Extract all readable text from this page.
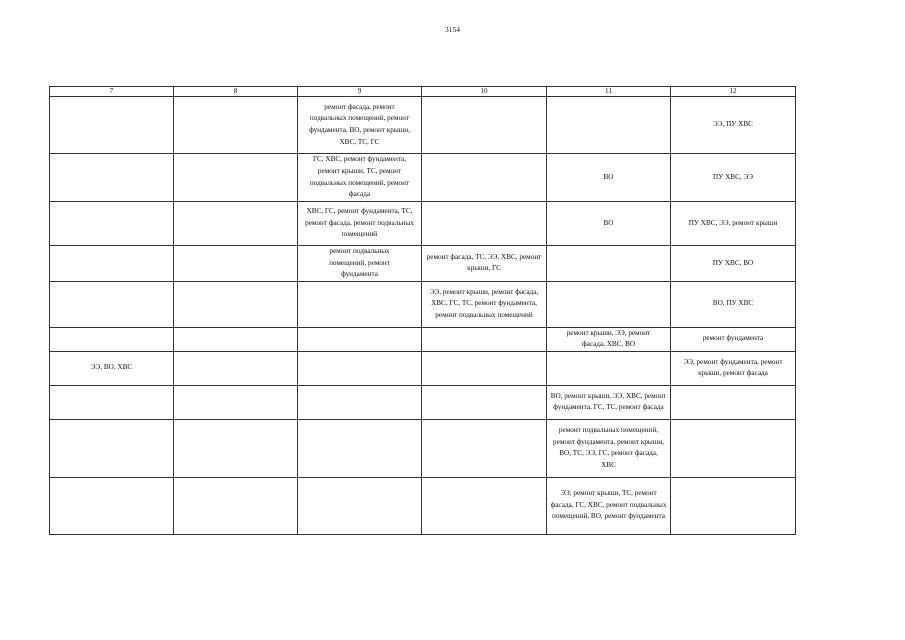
3154
7	8	9	10	11	12
		ремонт фасада, ремонт подвальных помещений, ремонт фундамента, ВО, ремонт крыши, ХВС, ТС, ГС			ЭЭ, ПУ ХВС
		ГС, ХВС, ремонт фундамента, ремонт крыши, ТС, ремонт подвальных помещений, ремонт фасада		ВО	ПУ ХВС, ЭЭ
		ХВС, ГС, ремонт фундамента, ТС, ремонт фасада, ремонт подвальных помещений		ВО	ПУ ХВС, ЭЭ, ремонт крыши
		ремонт подвальных помещений, ремонт фундамента	ремонт фасада, ТС, ЭЭ, ХВС, ремонт крыши, ГС		ПУ ХВС, ВО
			ЭЭ, ремонт крыши, ремонт фасада, ХВС, ГС, ТС, ремонт фундамента, ремонт подвальных помещений		ВО, ПУ ХВС
				ремонт крыши, ЭЭ, ремонт фасада, ХВС, ВО	ремонт фундамента
ЭЭ, ВО, ХВС					ЭЭ, ремонт фундамента, ремонт крыши, ремонт фасада
				ВО, ремонт крыши, ЭЭ, ХВС, ремонт фундамента, ГС, ТС, ремонт фасада	
				ремонт подвальных помещений, ремонт фундамента, ремонт крыши, ВО, ТС, ЭЭ, ГС, ремонт фасада, ХВС	
				ЭЭ, ремонт крыши, ТС, ремонт фасада, ГС, ХВС, ремонт подвальных помещений, ВО, ремонт фундамента	
